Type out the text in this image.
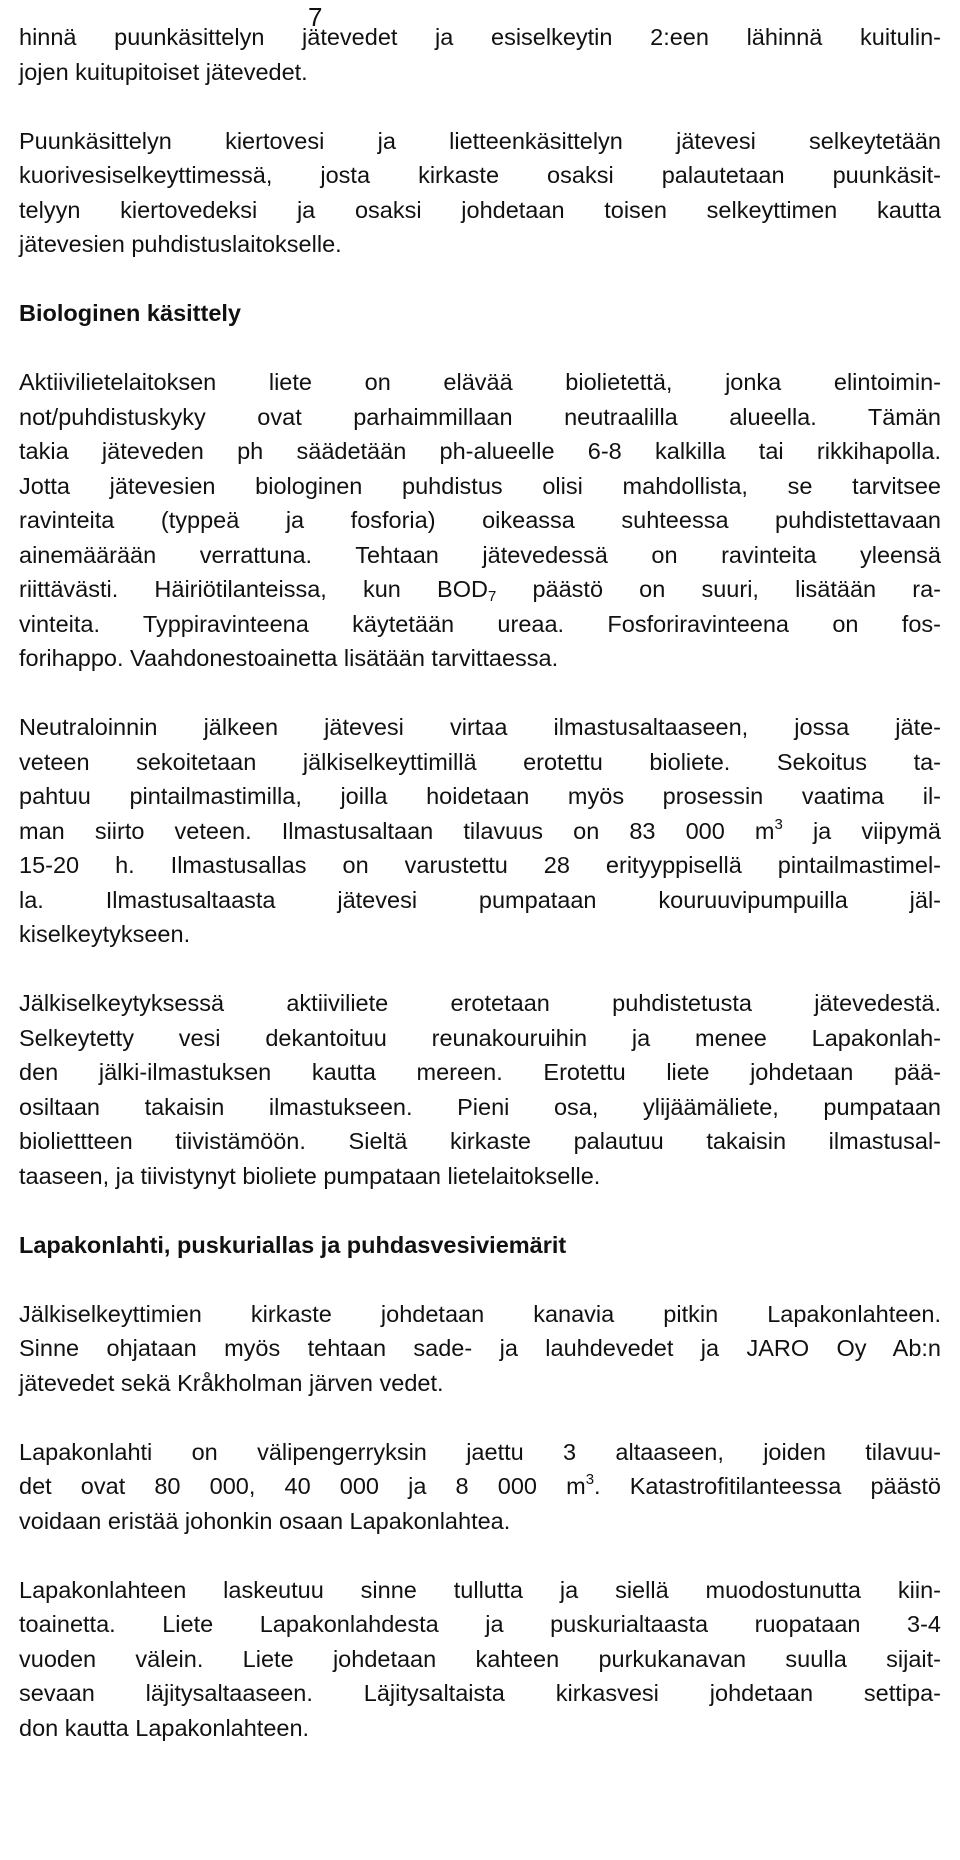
7
hinnä puunkäsittelyn jätevedet ja esiselkeytin 2:een lähinnä kuitulin-
jojen kuitupitoiset jätevedet.
Puunkäsittelyn kiertovesi ja lietteenkäsittelyn jätevesi selkeytetään
kuorivesiselkeyttimessä, josta kirkaste osaksi palautetaan puunkäsit-
telyyn kiertovedeksi ja osaksi johdetaan toisen selkeyttimen kautta
jätevesien puhdistuslaitokselle.
Biologinen käsittely
Aktiivilietelaitoksen liete on elävää biolietettä, jonka elintoimin-
not/puhdistuskyky ovat parhaimmillaan neutraalilla alueella. Tämän
takia jäteveden ph säädetään ph-alueelle 6-8 kalkilla tai rikkihapolla.
Jotta jätevesien biologinen puhdistus olisi mahdollista, se tarvitsee
ravinteita (typpeä ja fosforia) oikeassa suhteessa puhdistettavaan
ainemäärään verrattuna. Tehtaan jätevedessä on ravinteita yleensä
riittävästi. Häiriötilanteissa, kun $BOD_7$ päästö on suuri, lisätään ra-
vinteita. Typpiravinteena käytetään ureaa. Fosforiravinteena on fos-
forihappo. Vaahdonestoainetta lisätään tarvittaessa.
Neutraloinnin jälkeen jätevesi virtaa ilmastusaltaaseen, jossa jäte-
veteen sekoitetaan jälkiselkeyttimillä erotettu bioliete. Sekoitus ta-
pahtuu pintailmastimilla, joilla hoidetaan myös prosessin vaatima il-
man siirto veteen. Ilmastusaltaan tilavuus on 83 000 $m^3$ ja viipymä
15-20 h. Ilmastusallas on varustettu 28 erityyppisellä pintailmastimel-
la. Ilmastusaltaasta jätevesi pumpataan kouruuvipumpuilla jäl-
kiselkeytykseen.
Jälkiselkeytyksessä aktiiviliete erotetaan puhdistetusta jätevedestä.
Selkeytetty vesi dekantoituu reunakouruihin ja menee Lapakonlah-
den jälki-ilmastuksen kautta mereen. Erotettu liete johdetaan pää-
osiltaan takaisin ilmastukseen. Pieni osa, ylijäämäliete, pumpataan
bioliettteen tiivistämöön. Sieltä kirkaste palautuu takaisin ilmastusal-
taaseen, ja tiivistynyt bioliete pumpataan lietelaitokselle.
Lapakonlahti, puskuriallas ja puhdasvesiviemärit
Jälkiselkeyttimien kirkaste johdetaan kanavia pitkin Lapakonlahteen.
Sinne ohjataan myös tehtaan sade- ja lauhdevedet ja JARO Oy Ab:n
jätevedet sekä Kråkholman järven vedet.
Lapakonlahti on välipengerryksin jaettu 3 altaaseen, joiden tilavuu-
det ovat 80 000, 40 000 ja 8 000 $m^3$. Katastrofitilanteessa päästö
voidaan eristää johonkin osaan Lapakonlahtea.
Lapakonlahteen laskeutuu sinne tullutta ja siellä muodostunutta kiin-
toainetta. Liete Lapakonlahdesta ja puskurialtaasta ruopataan 3-4
vuoden välein. Liete johdetaan kahteen purkukanavan suulla sijait-
sevaan läjitysaltaaseen. Läjitysaltaista kirkasvesi johdetaan settipa-
don kautta Lapakonlahteen.
